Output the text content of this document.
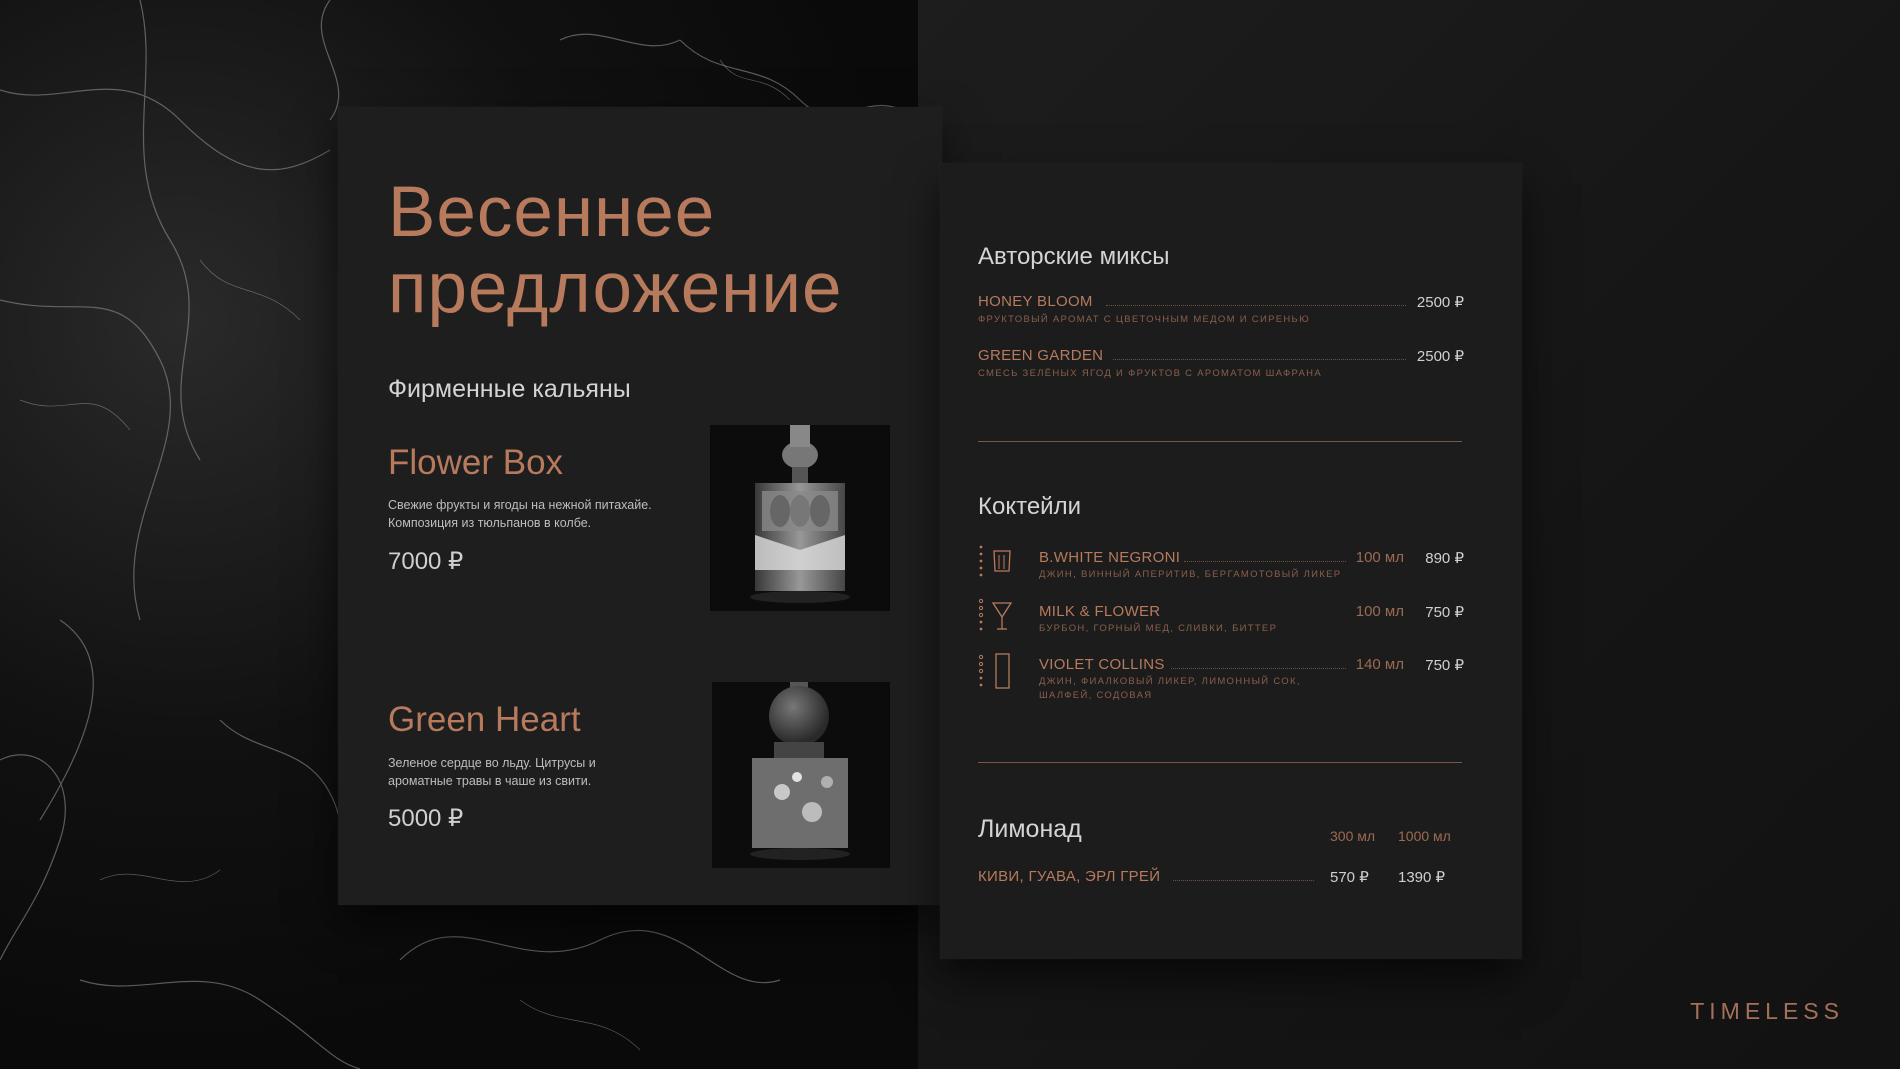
Весеннее
предложение
Фирменные кальяны
Flower Box
Свежие фрукты и ягоды на нежной питахайе.
Композиция из тюльпанов в колбе.
7000 ₽
Green Heart
Зеленое сердце во льду. Цитрусы и
ароматные травы в чаше из свити.
5000 ₽
Авторские миксы
HONEY BLOOM	2500 ₽
ФРУКТОВЫЙ АРОМАТ С ЦВЕТОЧНЫМ МЕДОМ И СИРЕНЬЮ
GREEN GARDEN	2500 ₽
СМЕСЬ ЗЕЛЁНЫХ ЯГОД И ФРУКТОВ С АРОМАТОМ ШАФРАНА
Коктейли
B.WHITE NEGRONI	100 мл 890 ₽
ДЖИН, ВИННЫЙ АПЕРИТИВ, БЕРГАМОТОВЫЙ ЛИКЕР
MILK & FLOWER	100 мл 750 ₽
БУРБОН, ГОРНЫЙ МЕД, СЛИВКИ, БИТТЕР
VIOLET COLLINS	140 мл 750 ₽
ДЖИН, ФИАЛКОВЫЙ ЛИКЕР, ЛИМОННЫЙ СОК,
ШАЛФЕЙ, СОДОВАЯ
Лимонад	300 мл 1000 мл
КИВИ, ГУАВА, ЭРЛ ГРЕЙ	570 ₽ 1390 ₽
TIMELESS
